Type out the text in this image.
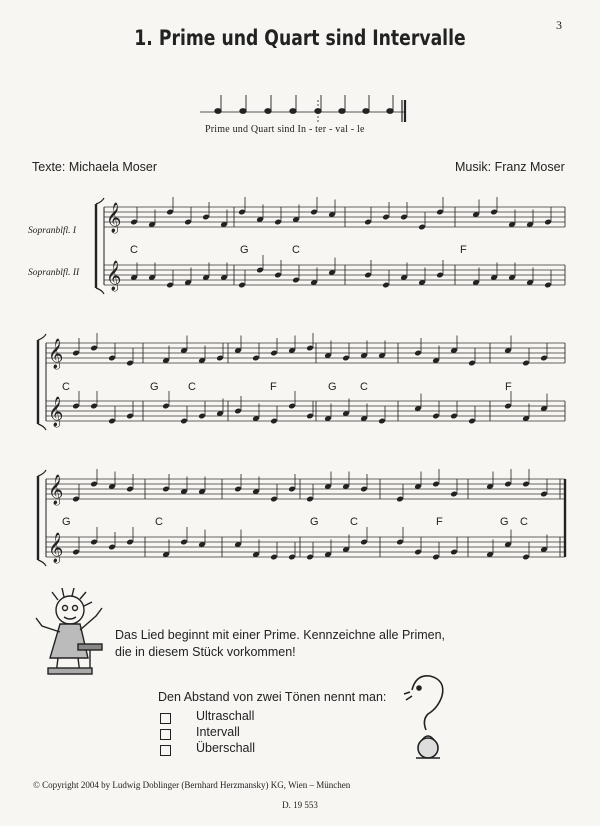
3
1. Prime und Quart sind Intervalle
𝄞
𝄞
𝄞
𝄞
𝄞
𝄞
Prime und Quart sind In - ter - val - le
Texte: Michaela Moser	Musik: Franz Moser
Sopranblfl. I
Sopranblfl. II
C	G	C	F
C	G	C	F	G C	F
G	C	G	C	F	G C
Das Lied beginnt mit einer Prime. Kennzeichne alle Primen,
die in diesem Stück vorkommen!
Den Abstand von zwei Tönen nennt man:
Ultraschall
Intervall
Überschall
© Copyright 2004 by Ludwig Doblinger (Bernhard Herzmansky) KG, Wien – München
D. 19 553
